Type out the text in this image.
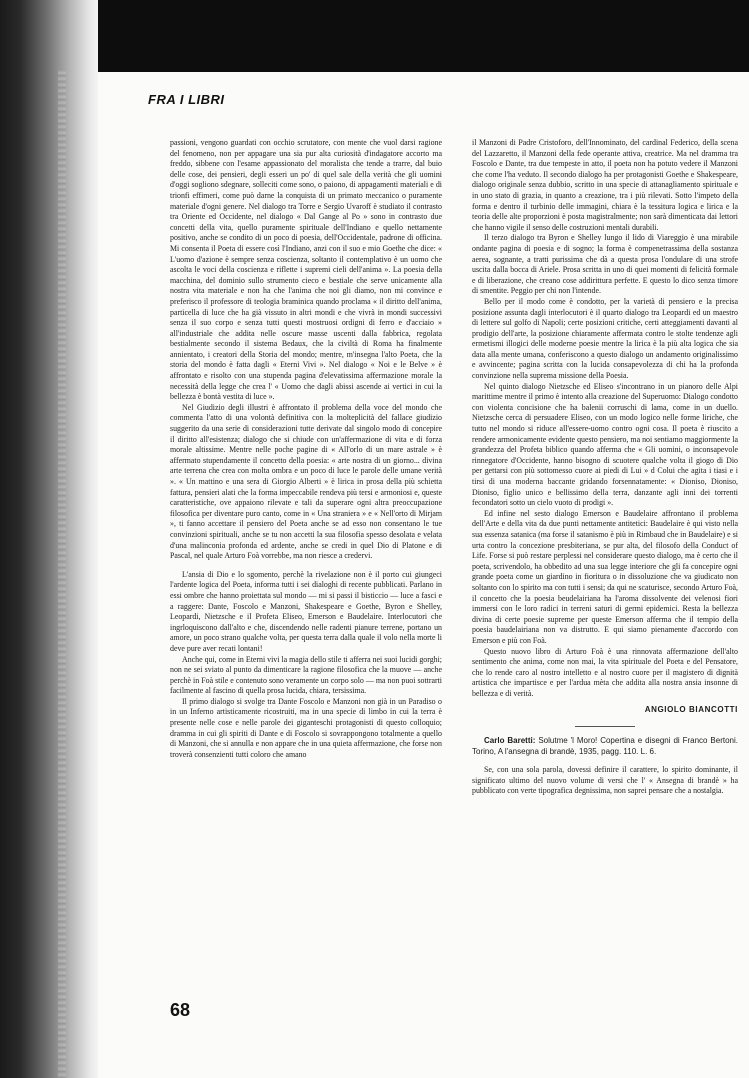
FRA I LIBRI

passioni, vengono guardati con occhio scrutatore, con mente che vuol darsi ragione del fenomeno, non per appagare una sia pur alta curiosità d'indagatore accorto ma freddo, sibbene con l'esame appassionato del moralista che tende a trarre, dal buio delle cose, dei pensieri, degli esseri un po' di quel sale della verità che gli uomini d'oggi sogliono sdegnare, sollecitі come sono, o paiono, di appagamenti materiali e di trionfi effimeri, come può darne la conquista di un primato meccanico o puramente materiale d'ogni genere. Nel dialogo tra Torre e Sergio Uvaroff è studiato il contrasto tra Oriente ed Occidente, nel dialogo « Dal Gange al Po » sono in contrasto due concetti della vita, quello puramente spirituale dell'Indiano e quello nettamente positivo, anche se condito di un poco di poesia, dell'Occidentale, padrone di officina. Mi consenta il Poeta di essere così l'Indiano, anzi con il suo e mio Goethe che dice: « L'uomo d'azione è sempre senza coscienza, soltanto il contemplativo è un uomo che ascolta le voci della coscienza e riflette i supremi cieli dell'anima ». La poesia della macchina, del dominio sullo strumento cieco e bestiale che serve unicamente alla nostra vita materiale e non ha che l'anima che noi gli diamo, non mi convince e preferisco il professore di teologia braminica quando proclama « il diritto dell'anima, particella di luce che ha già vissuto in altri mondi e che vivrà in mondi successivi senza il suo corpo e senza tutti questi mostruosi ordigni di ferro e d'acciaio » all'industriale che addita nelle oscure masse uscenti dalla fabbrica, regolata bestialmente secondo il sistema Bedaux, che la civiltà di Roma ha finalmente annientato, i creatori della Storia del mondo; mentre, m'insegna l'alto Poeta, che la storia del mondo è fatta dagli « Eterni Vivi ». Nel dialogo « Noi e le Belve » è affrontato e risolto con una stupenda pagina d'elevatissima affermazione morale la necessità della legge che crea l' « Uomo che dagli abissi ascende ai vertici in cui la bellezza è bontà vestita di luce ».

Nel Giudizio degli illustri è affrontato il problema della voce del mondo che commenta l'atto di una volontà definitiva con la molteplicità del fallace giudizio suggerito da una serie di considerazioni tutte derivate dal singolo modo di concepire il diritto all'esistenza; dialogo che si chiude con un'affermazione di vita e di forza morale altissime. Mentre nelle poche pagine di « All'orlo di un mare astrale » è affermato stupendamente il concetto della poesia: « arte nostra di un giorno... divina arte terrena che crea con molta ombra e un poco di luce le parole delle umane verità ». « Un mattino e una sera di Giorgio Alberti » è lirica in prosa della più schietta fattura, pensieri alati che la forma impeccabile rendeva più tersi e armoniosi e, queste caratteristiche, ove appaiono rilevate e tali da superare ogni altra preoccupazione filosofica per diventare puro canto, come in « Una straniera » e « Nell'orto di Mirjam », ti fanno accettare il pensiero del Poeta anche se ad esso non consentano le tue convinzioni spirituali, anche se tu non accetti la sua filosofia spesso desolata e velata d'una malinconia profonda ed ardente, anche se credi in quel Dio di Platone e di Pascal, nel quale Arturo Foà vorrebbe, ma non riesce a credervi.

L'ansia di Dio e lo sgomento, perchè la rivelazione non è il porto cui giungeci l'ardente logica del Poeta, informa tutti i sei dialoghi di recente pubblicati. Parlano in essi ombre che hanno proiettata sul mondo — mi si passi il bisticcio — luce a fasci e a raggere: Dante, Foscolo e Manzoni, Shakespeare e Goethe, Byron e Shelley, Leopardi, Nietzsche e il Profeta Eliseo, Emerson e Baudelaire. Interlocutori che ingrloquiscono dall'alto e che, discendendo nelle radenti pianure terrene, portano un amore, un poco strano qualche volta, per questa terra dalla quale il volo nella morte li deve pure aver recati lontani!

Anche qui, come in Eterni vivi la magia dello stile ti afferra nei suoi lucidi gorghi; non ne sei sviato al punto da dimenticare la ragione filosofica che la muove — anche perchè in Foà stile e contenuto sono veramente un corpo solo — ma non puoi sottrarti facilmente al fascino di quella prosa lucida, chiara, tersissima.

Il primo dialogo si svolge tra Dante Foscolo e Manzoni non già in un Paradiso o in un Inferno artisticamente ricostruiti, ma in una specie di limbo in cui la terra è presente nelle cose e nelle parole dei giganteschi protagonisti di questo colloquio; dramma in cui gli spiriti di Dante e di Foscolo si sovrappongono totalmente a quello di Manzoni, che si annulla e non appare che in una quieta affermazione, che forse non troverà consenzienti tutti coloro che amano

il Manzoni di Padre Cristoforo, dell'Innominato, del cardinal Federico, della scena del Lazzaretto, il Manzoni della fede operante attiva, creatrice. Ma nel dramma tra Foscolo e Dante, tra due tempeste in atto, il poeta non ha potuto vedere il Manzoni che come l'ha veduto. Il secondo dialogo ha per protagonisti Goethe e Shakespeare, dialogo originale senza dubbio, scritto in una specie di attanagliamento spirituale e in uno stato di grazia, in quanto a creazione, tra i più rilevati. Sotto l'impeto della forma e dentro il turbinio delle immagini, chiara è la tessitura logica e lirica e la teoria delle alte proporzioni è posta magistralmente; non sarà dimenticata dai lettori che hanno vigile il senso delle costruzioni mentali durabili.

Il terzo dialogo tra Byron e Shelley lungo il lido di Viareggio è una mirabile ondante pagina di poesia e di sogno; la forma è compenetrassima della sostanza aerea, sognante, a tratti purissima che dà a questa prosa l'ondulare di una strofe uscita dalla bocca di Ariele. Prosa scritta in uno di quei momenti di felicità formale e di liberazione, che creano cose addirittura perfette. E questo lo dico senza timore di smentite. Peggio per chi non l'intende.

Bello per il modo come è condotto, per la varietà di pensiero e la precisa posizione assunta dagli interlocutori è il quarto dialogo tra Leopardi ed un maestro di lettere sul golfo di Napoli; certe posizioni critiche, certi atteggiamenti davanti al prodigio dell'arte, la posizione chiaramente affermata contro le stolte tendenze agli ermetismi illogici delle moderne poesie mentre la lirica è la più alta logica che sia data alla mente umana, conferiscono a questo dialogo un andamento originalissimo e avvincente; pagina scritta con la lucida consapevolezza di chi ha la profonda convinzione nella suprema missione della Poesia.

Nel quinto dialogo Nietzsche ed Eliseo s'incontrano in un pianoro delle Alpi marittime mentre il primo è intento alla creazione del Superuomo: Dialogo condotto con violenta concisione che ha balenii corruschi di lama, come in un duello. Nietzsche cerca di persuadere Eliseo, con un modo logico nelle forme liriche, che tutto nel mondo si riduce all'essere-uomo contro ogni cosa. Il poeta è riuscito a rendere armonicamente evidente questo pensiero, ma noi sentiamo maggiormente la grandezza del Profeta biblico quando afferma che « Gli uomini, o inconsapevole rinnegatore d'Occidente, hanno bisogno di scuotere qualche volta il giogo di Dio per gettarsi con più sottomesso cuore ai piedi di Lui » d Colui che agita i tiasi e i tirsi di una moderna baccante gridando forsennatamente: « Dioniso, Dioniso, Dioniso, figlio unico e bellissimo della terra, danzante agli inni dei torrenti fecondatori sotto un cielo vuoto di prodigi ».

Ed infine nel sesto dialogo Emerson e Baudelaire affrontano il problema dell'Arte e della vita da due punti nettamente antitetici: Baudelaire è qui visto nella sua essenza satanica (ma forse il satanismo è più in Rimbaud che in Baudelaire) e si urta contro la concezione presbiteriana, se pur alta, del filosofo della Conduct of Life. Forse si può restare perplessi nel considerare questo dialogo, ma è certo che il poeta, scrivendolo, ha obbedito ad una sua legge interiore che gli fa concepire ogni grande poeta come un giardino in fioritura o in dissoluzione che va giudicato non soltanto con lo spirito ma con tutti i sensi; da qui ne scaturisce, secondo Arturo Foà, il concetto che la poesia beudelairiana ha l'aroma dissolvente dei velenosi fiori immersi con le loro radici in terreni saturi di germi epidemici. Resta la bellezza divina di certe poesie supreme per queste Emerson afferma che il tempio della poesia baudelairiana non va distrutto. E qui siamo pienamente d'accordo con Emerson e più con Foà.

Questo nuovo libro di Arturo Foà è una rinnovata affermazione dell'alto sentimento che anima, come non mai, la vita spirituale del Poeta e del Pensatore, che lo rende caro al nostro intelletto e al nostro cuore per il magistero di dignità artistica che impartisce e per l'arduа mèta che addita alla nostra ansia insonne di bellezza e di verità.

ANGIOLO BIANCOTTI

Carlo Baretti: Solutme 'l Moro! Copertina e disegni di Franco Bertoni. Torino, A l'ansegna di brandè, 1935, pagg. 110. L. 6.

Se, con una sola parola, dovessi definire il carattere, lo spirito dominante, il significato ultimo del nuovo volume di versi che l' « Ansegna di brandè » ha pubblicato con verte tipografica degnissima, non saprei pensare che a nostalgia.

68
